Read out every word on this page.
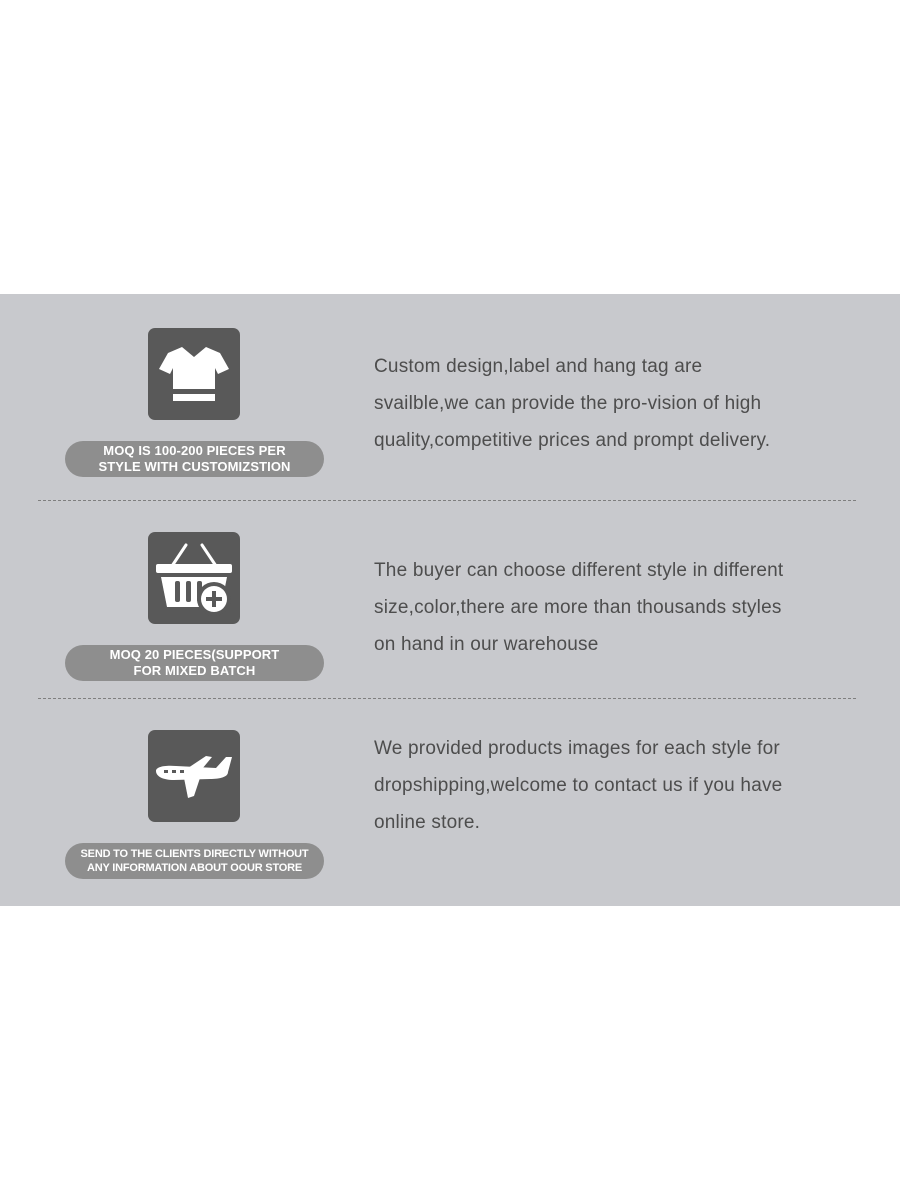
MOQ IS 100-200 PIECES PER
STYLE WITH CUSTOMIZSTION
Custom design,label and hang tag are
svailble,we can provide the pro-vision of high
quality,competitive prices and prompt delivery.
MOQ 20 PIECES(SUPPORT
FOR MIXED BATCH
The buyer can choose different style in different
size,color,there are more than thousands styles
on hand in our warehouse
SEND TO THE CLIENTS DIRECTLY WITHOUT
ANY INFORMATION ABOUT OOUR STORE
We provided products images for each style for
dropshipping,welcome to contact us if you have
online store.
